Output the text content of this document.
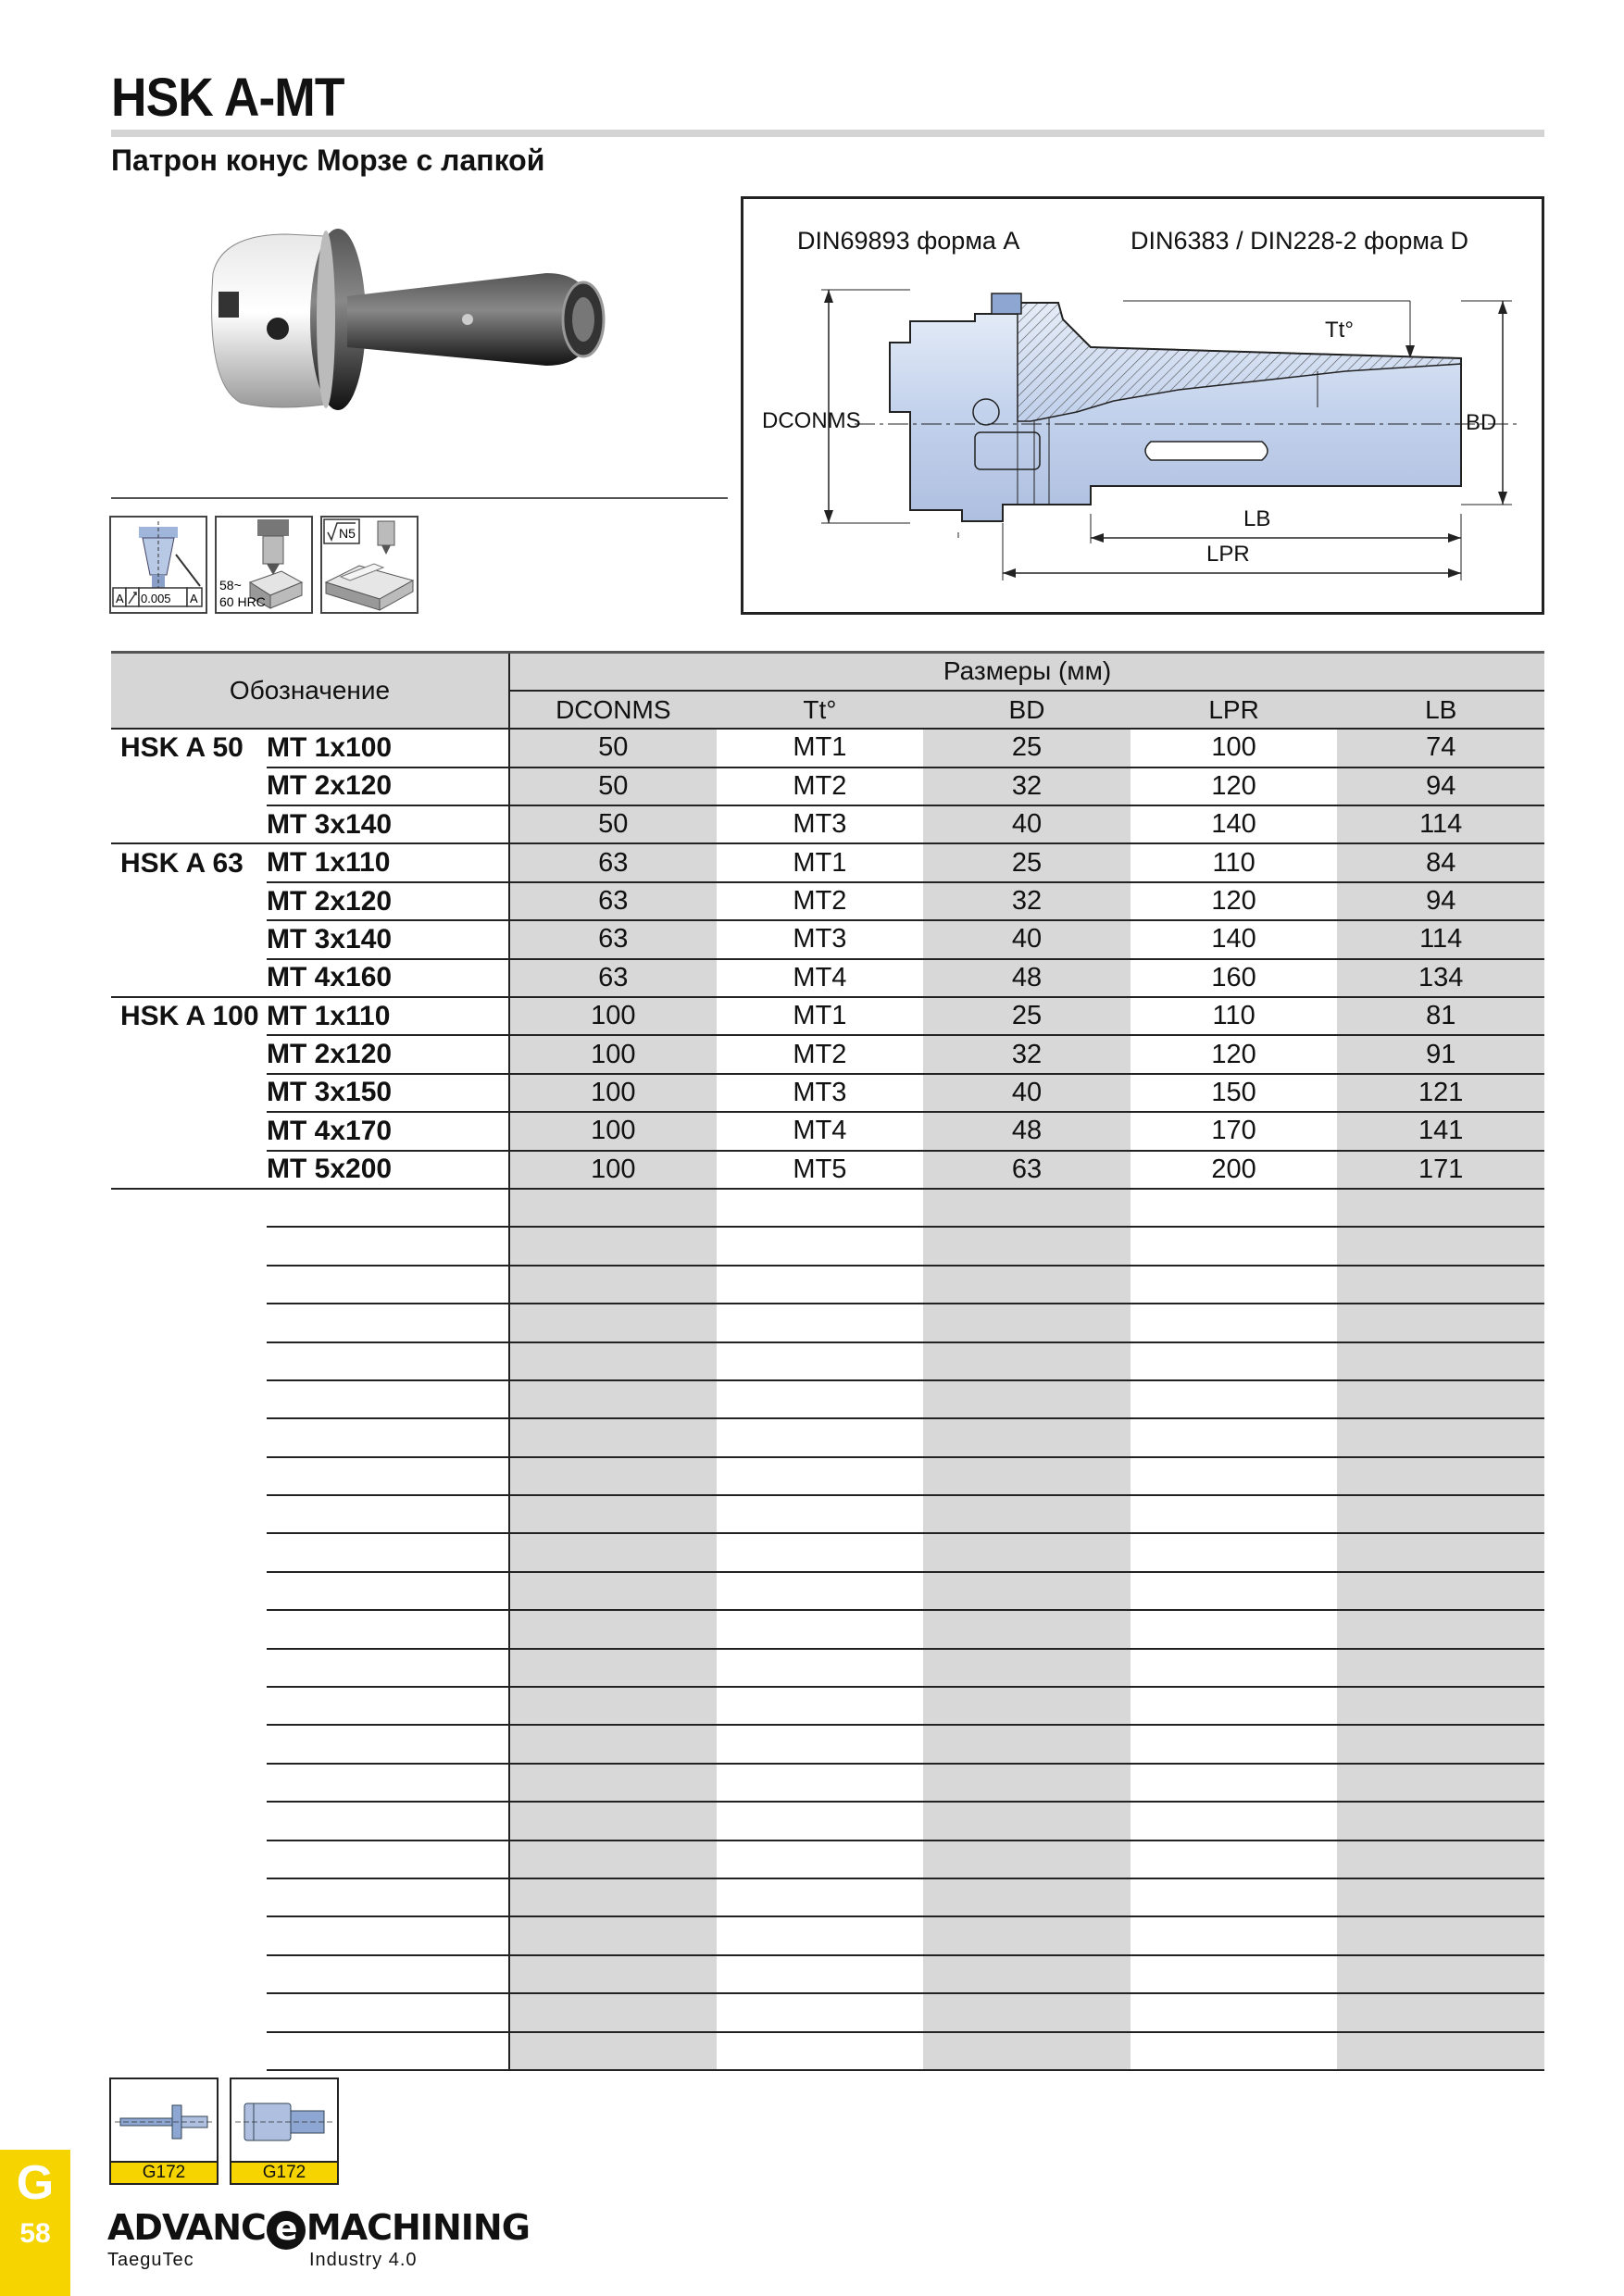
HSK A-MT
Патрон конус Морзе с лапкой
A 0.005 A
58~
60 HRC
N5
DIN69893 форма A	DIN6383 / DIN228-2 форма D
DCONMS
Tt°
BD
LB
LPR
Обозначение		Размеры (мм)				
		DCONMS	Tt°	BD	LPR	LB
HSK A 50	MT 1x100	50	MT1	25	100	74
	MT 2x120	50	MT2	32	120	94
	MT 3x140	50	MT3	40	140	114
HSK A 63	MT 1x110	63	MT1	25	110	84
	MT 2x120	63	MT2	32	120	94
	MT 3x140	63	MT3	40	140	114
	MT 4x160	63	MT4	48	160	134
HSK A 100	MT 1x110	100	MT1	25	110	81
	MT 2x120	100	MT2	32	120	91
	MT 3x150	100	MT3	40	150	121
	MT 4x170	100	MT4	48	170	141
	MT 5x200	100	MT5	63	200	171

G172	G172
G
58	ADVANC e MACHINING
TaeguTec	Industry 4.0
